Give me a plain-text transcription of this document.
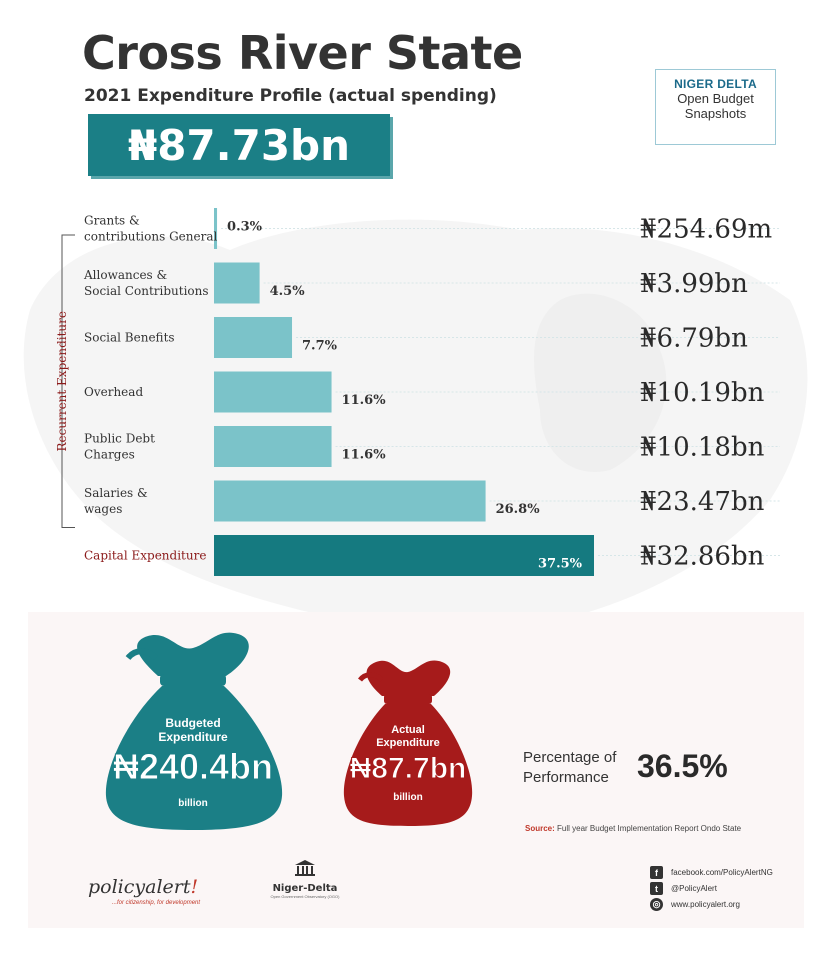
Cross River State
2021 Expenditure Profile (actual spending)
₦87.73bn
NIGER DELTA
Open Budget
Snapshots
Recurrent Expenditure
Grants & contributions General
0.3%	₦254.69m
Allowances & Social Contributions	4.5%	₦3.99bn
Social Benefits
7.7%	₦6.79bn
Overhead
11.6%	₦10.19bn
Public Debt Charges	11.6%	₦10.18bn
Salaries & wages	26.8%	₦23.47bn
Capital Expenditure
37.5% ₦32.86bn
Budgeted
Expenditure
₦240.4bn
billion
Actual
Expenditure
₦87.7bn
billion
Percentage of
Performance 36.5%
Source: Full year Budget Implementation Report Ondo State
policyalert!
...for citizenship, for development
Niger-Delta
Open Government Observatory (OGO)
f	facebook.com/PolicyAlertNG
t	@PolicyAlert
◎	www.policyalert.org
